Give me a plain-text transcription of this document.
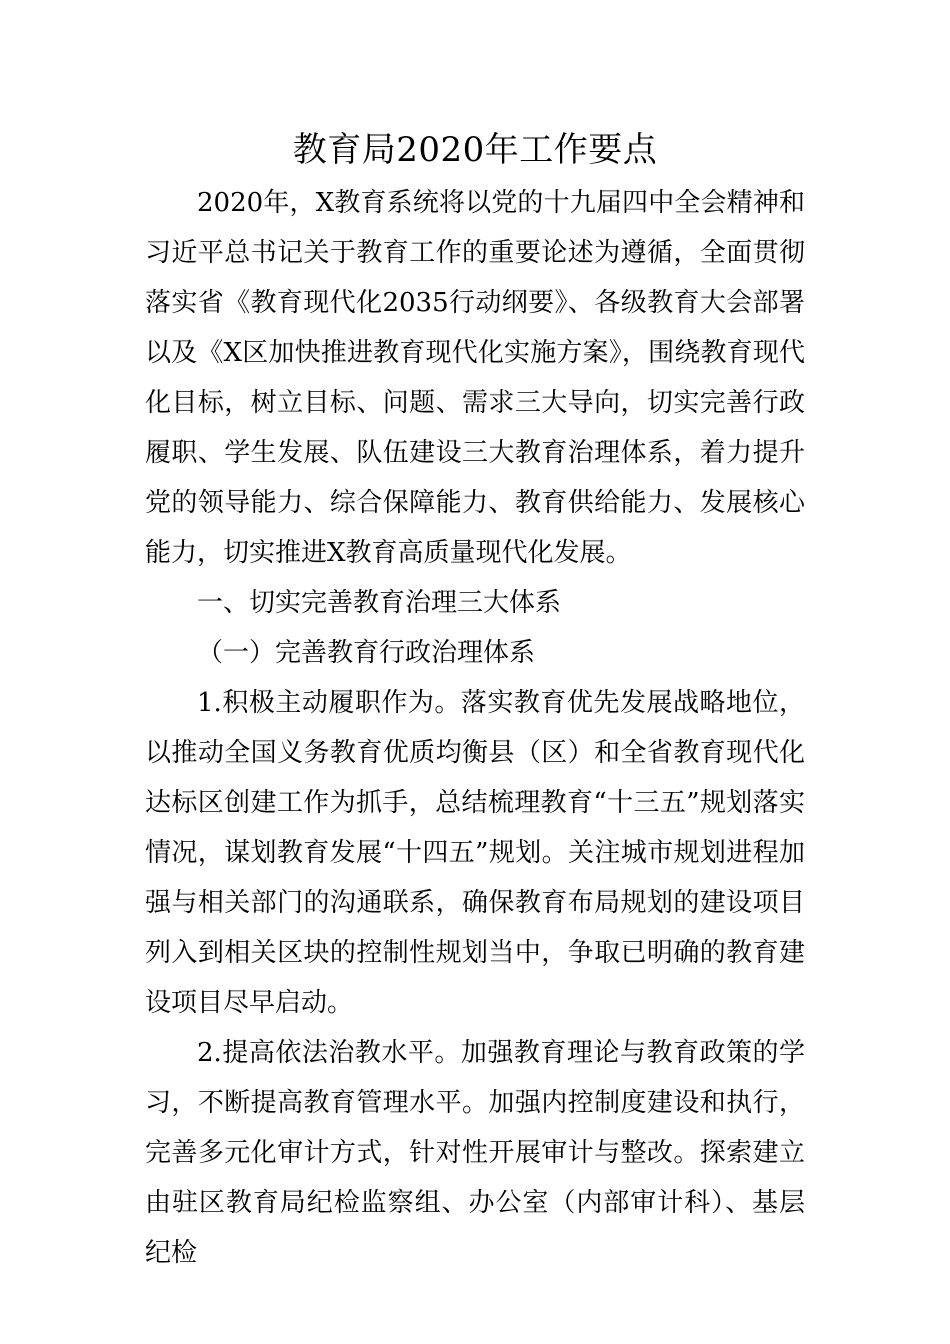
教育局2020年工作要点

2020年，X教育系统将以党的十九届四中全会精神和习近平总书记关于教育工作的重要论述为遵循，全面贯彻落实省《教育现代化2035行动纲要》、各级教育大会部署以及《X区加快推进教育现代化实施方案》，围绕教育现代化目标，树立目标、问题、需求三大导向，切实完善行政履职、学生发展、队伍建设三大教育治理体系，着力提升党的领导能力、综合保障能力、教育供给能力、发展核心能力，切实推进X教育高质量现代化发展。

一、切实完善教育治理三大体系

（一）完善教育行政治理体系

1.积极主动履职作为。落实教育优先发展战略地位，以推动全国义务教育优质均衡县（区）和全省教育现代化达标区创建工作为抓手，总结梳理教育“十三五”规划落实情况，谋划教育发展“十四五”规划。关注城市规划进程加强与相关部门的沟通联系，确保教育布局规划的建设项目列入到相关区块的控制性规划当中，争取已明确的教育建设项目尽早启动。

2.提高依法治教水平。加强教育理论与教育政策的学习，不断提高教育管理水平。加强内控制度建设和执行，完善多元化审计方式，针对性开展审计与整改。探索建立由驻区教育局纪检监察组、办公室（内部审计科）、基层纪检
